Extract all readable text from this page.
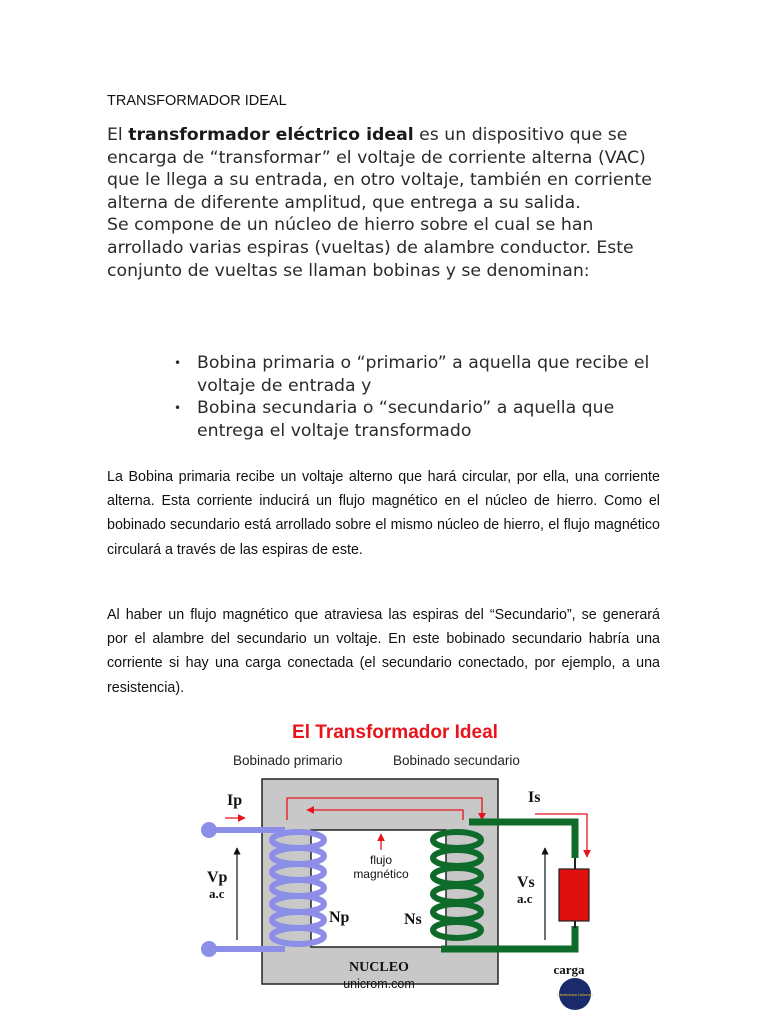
TRANSFORMADOR IDEAL

El transformador eléctrico ideal es un dispositivo que se encarga de “transformar” el voltaje de corriente alterna (VAC) que le llega a su entrada, en otro voltaje, también en corriente alterna de diferente amplitud, que entrega a su salida.
Se compone de un núcleo de hierro sobre el cual se han arrollado varias espiras (vueltas) de alambre conductor. Este conjunto de vueltas se llaman bobinas y se denominan:

• Bobina primaria o “primario” a aquella que recibe el voltaje de entrada y
• Bobina secundaria o “secundario” a aquella que entrega el voltaje transformado

La Bobina primaria recibe un voltaje alterno que hará circular, por ella, una corriente alterna. Esta corriente inducirá un flujo magnético en el núcleo de hierro. Como el bobinado secundario está arrollado sobre el mismo núcleo de hierro, el flujo magnético circulará a través de las espiras de este.

Al haber un flujo magnético que atraviesa las espiras del “Secundario”, se generará por el alambre del secundario un voltaje. En este bobinado secundario habría una corriente si hay una carga conectada (el secundario conectado, por ejemplo, a una resistencia).

El Transformador Ideal
Bobinado primario	Bobinado secundario
NUCLEO
unicrom.com
flujo
magnético
carga
Electrónica Unicrom
Ip	Is
Vp
a.c
Vs
a.c
Np	Ns
